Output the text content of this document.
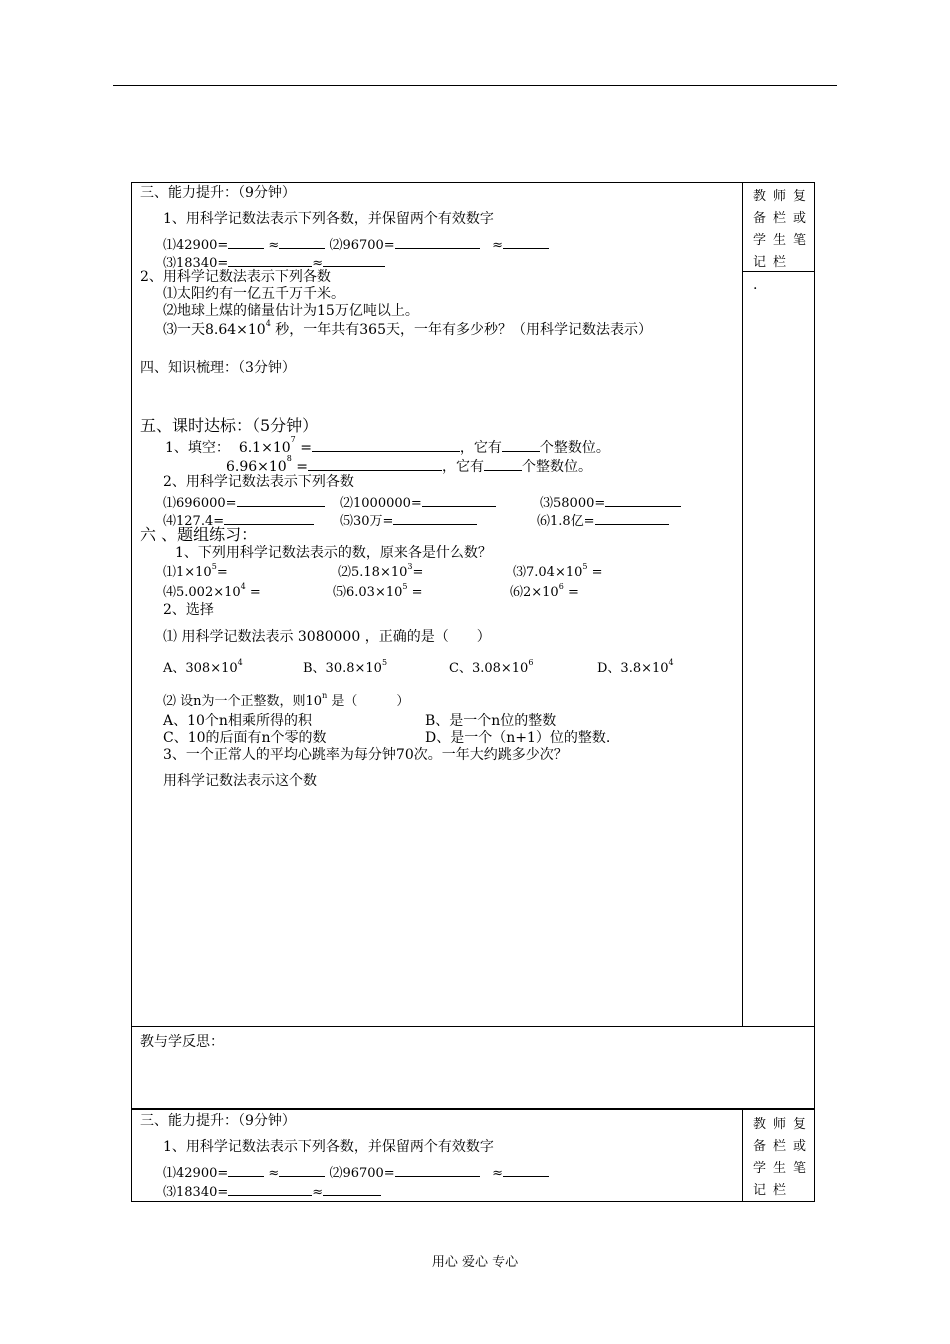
教师复
备栏或
学生笔
记栏
.
三、能力提升：（9分钟）
1、用科学记数法表示下列各数，并保留两个有效数字
⑴42900=	≈	⑵96700=	≈
⑶18340=	≈
2、用科学记数法表示下列各数
⑴太阳约有一亿五千万千米。
⑵地球上煤的储量估计为15万亿吨以上。
⑶一天$8.64\times 10^4$ 秒，一年共有365天，一年有多少秒？（用科学记数法表示）
四、知识梳理：（3分钟）
五、课时达标：（5分钟）
1、填空： $6.1\times 10^7$ =	，它有	个整数位。
$6.96\times 10^8$ =	，它有	个整数位。
2、用科学记数法表示下列各数
⑴696000=	⑵1000000=	⑶58000=
⑷127.4=	⑸30万=	⑹1.8亿=
六 、题组练习：
1、下列用科学记数法表示的数，原来各是什么数？
$⑴1\times 10^5=$	$⑵5.18\times 10^3=$	$⑶7.04\times 10^5$ =
$⑷5.002\times 10^4$ =	$⑸6.03\times 10^5$ =	$⑹2\times 10^6$ =
2、选择
⑴ 用科学记数法表示 3080000 ，正确的是（　　）
A、$308\times 10^4$	B、$30.8\times 10^5$	C、$3.08\times 10^6$	D、$3.8\times 10^4$
⑵ 设n为一个正整数，则10$^n$ 是（　　　）
A、10个n相乘所得的积	B、是一个n位的整数
C、10的后面有n个零的数	D、是一个（n+1）位的整数.
3、一个正常人的平均心跳率为每分钟70次。一年大约跳多少次？
用科学记数法表示这个数
教与学反思：
教师复
备栏或
学生笔
记栏
三、能力提升：（9分钟）
1、用科学记数法表示下列各数，并保留两个有效数字
⑴42900=	≈	⑵96700=	≈
⑶18340=	≈
用心 爱心 专心
